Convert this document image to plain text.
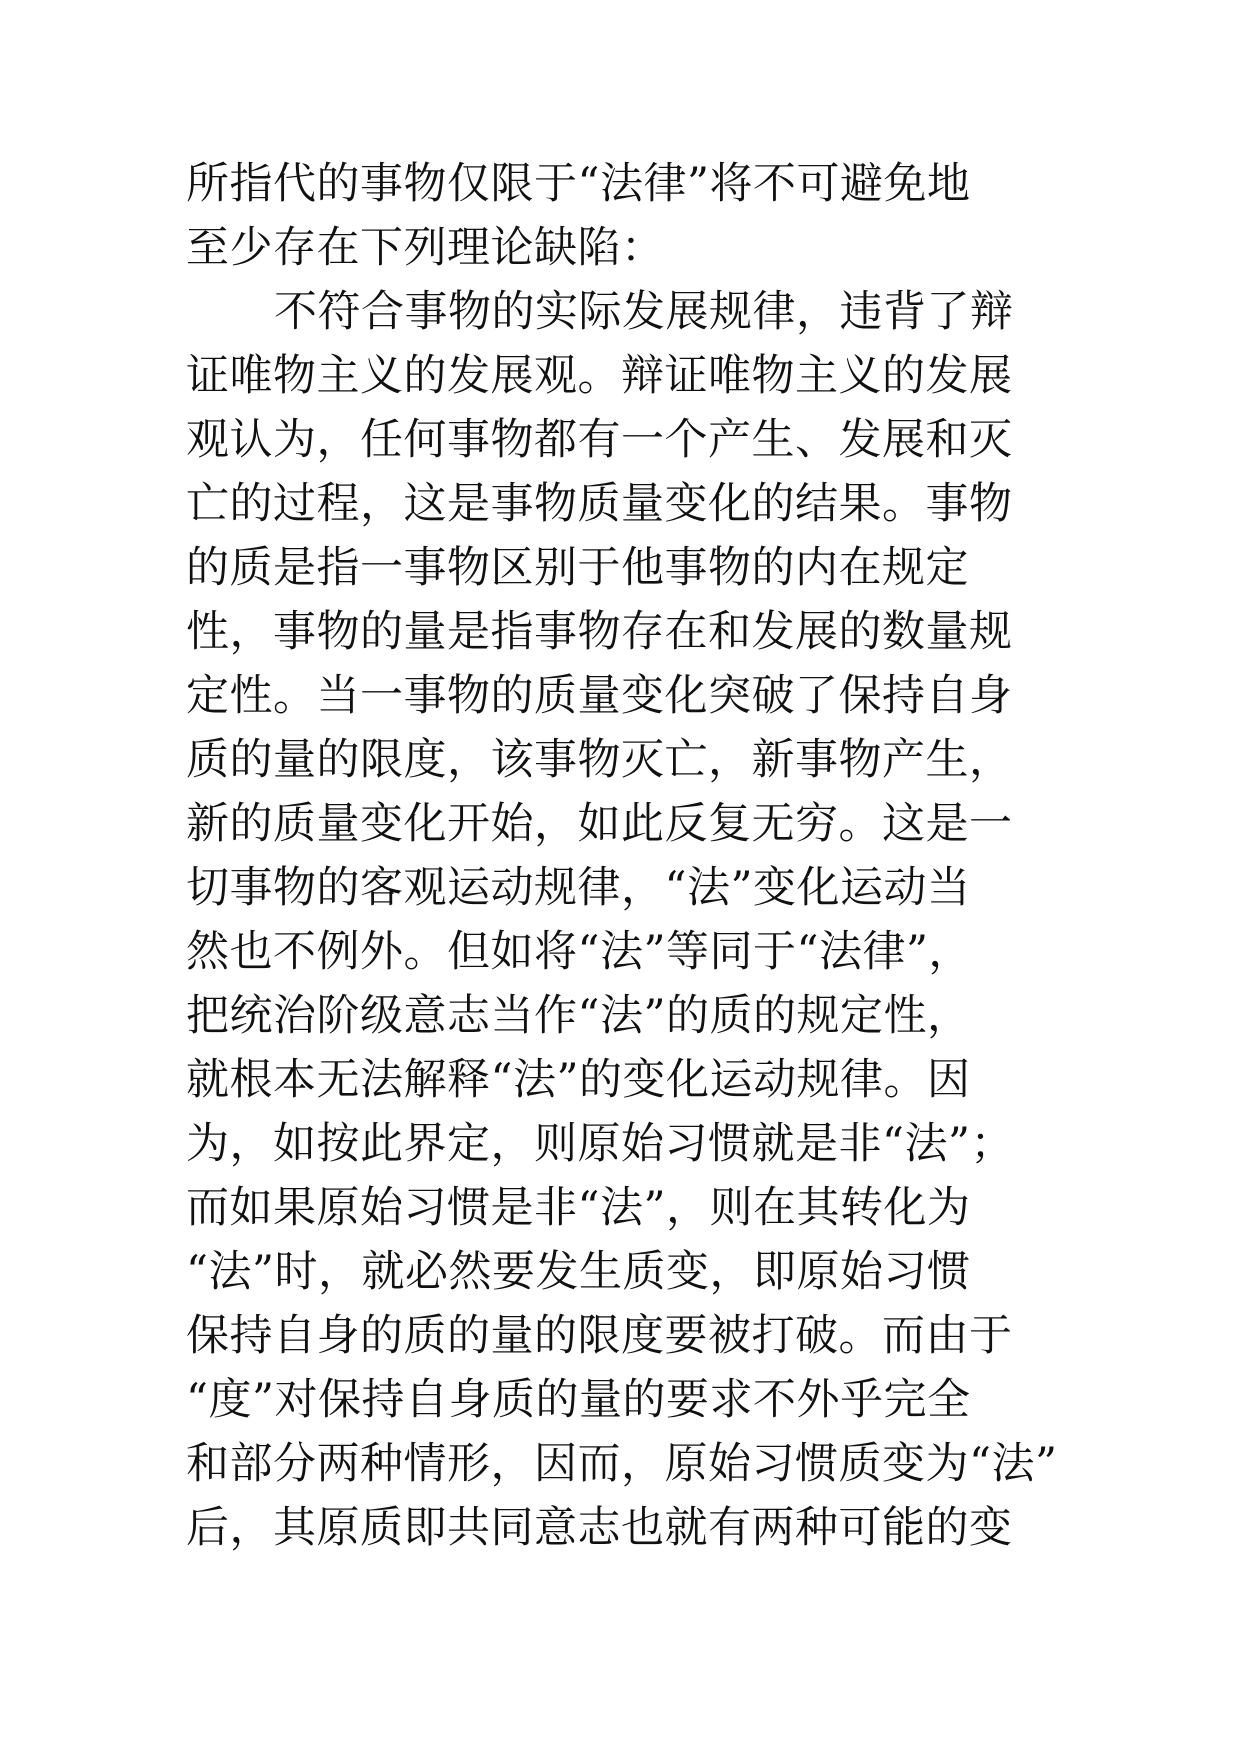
所指代的事物仅限于“法律”将不可避免地
至少存在下列理论缺陷：
不符合事物的实际发展规律，违背了辩
证唯物主义的发展观。辩证唯物主义的发展
观认为，任何事物都有一个产生、发展和灭
亡的过程，这是事物质量变化的结果。事物
的质是指一事物区别于他事物的内在规定
性，事物的量是指事物存在和发展的数量规
定性。当一事物的质量变化突破了保持自身
质的量的限度，该事物灭亡，新事物产生，
新的质量变化开始，如此反复无穷。这是一
切事物的客观运动规律，“法”变化运动当
然也不例外。但如将“法”等同于“法律”，
把统治阶级意志当作“法”的质的规定性，
就根本无法解释“法”的变化运动规律。因
为，如按此界定，则原始习惯就是非“法”；
而如果原始习惯是非“法”，则在其转化为
“法”时，就必然要发生质变，即原始习惯
保持自身的质的量的限度要被打破。而由于
“度”对保持自身质的量的要求不外乎完全
和部分两种情形，因而，原始习惯质变为“法”
后，其原质即共同意志也就有两种可能的变
